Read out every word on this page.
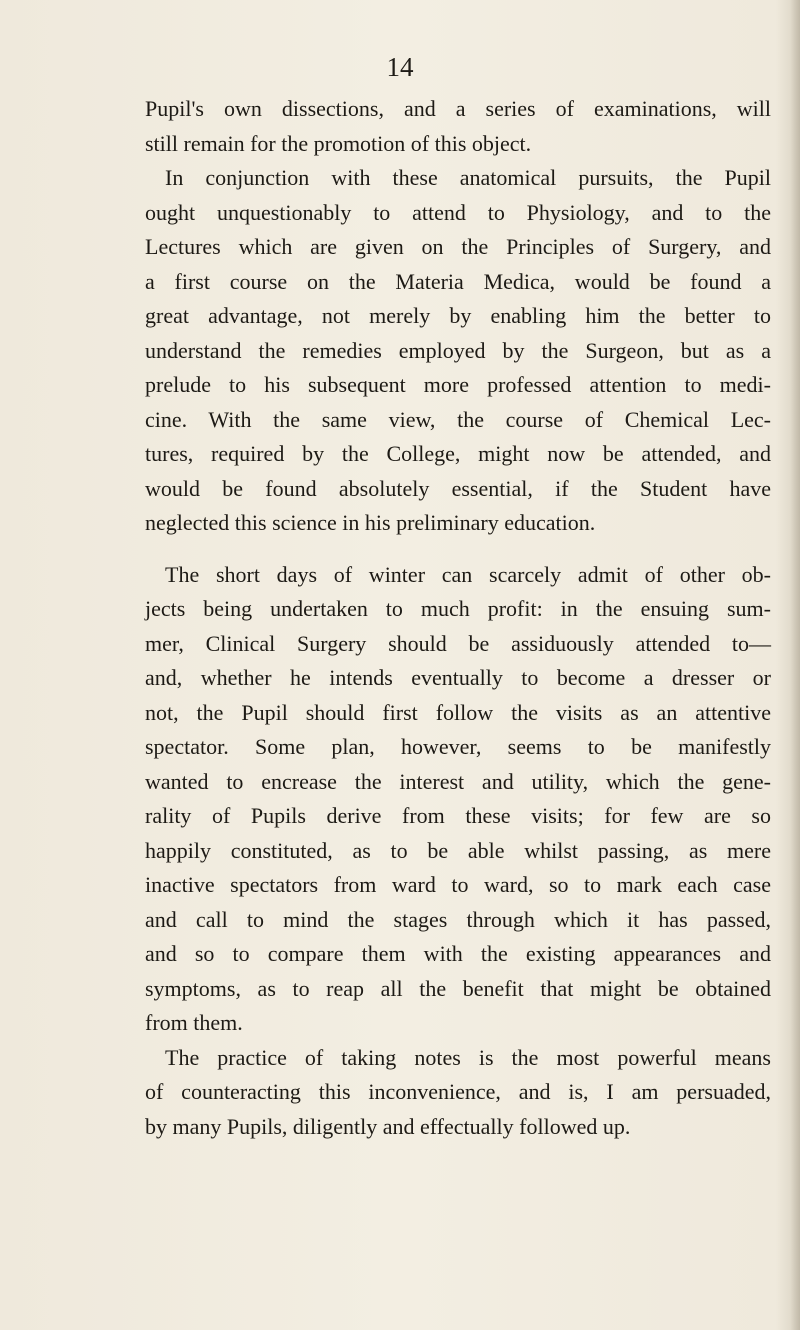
14
Pupil's own dissections, and a series of examinations, will
still remain for the promotion of this object.
In conjunction with these anatomical pursuits, the Pupil
ought unquestionably to attend to Physiology, and to the
Lectures which are given on the Principles of Surgery, and
a first course on the Materia Medica, would be found a
great advantage, not merely by enabling him the better to
understand the remedies employed by the Surgeon, but as a
prelude to his subsequent more professed attention to medi-
cine. With the same view, the course of Chemical Lec-
tures, required by the College, might now be attended, and
would be found absolutely essential, if the Student have
neglected this science in his preliminary education.
The short days of winter can scarcely admit of other ob-
jects being undertaken to much profit: in the ensuing sum-
mer, Clinical Surgery should be assiduously attended to—
and, whether he intends eventually to become a dresser or
not, the Pupil should first follow the visits as an attentive
spectator. Some plan, however, seems to be manifestly
wanted to encrease the interest and utility, which the gene-
rality of Pupils derive from these visits; for few are so
happily constituted, as to be able whilst passing, as mere
inactive spectators from ward to ward, so to mark each case
and call to mind the stages through which it has passed,
and so to compare them with the existing appearances and
symptoms, as to reap all the benefit that might be obtained
from them.
The practice of taking notes is the most powerful means
of counteracting this inconvenience, and is, I am persuaded,
by many Pupils, diligently and effectually followed up.
